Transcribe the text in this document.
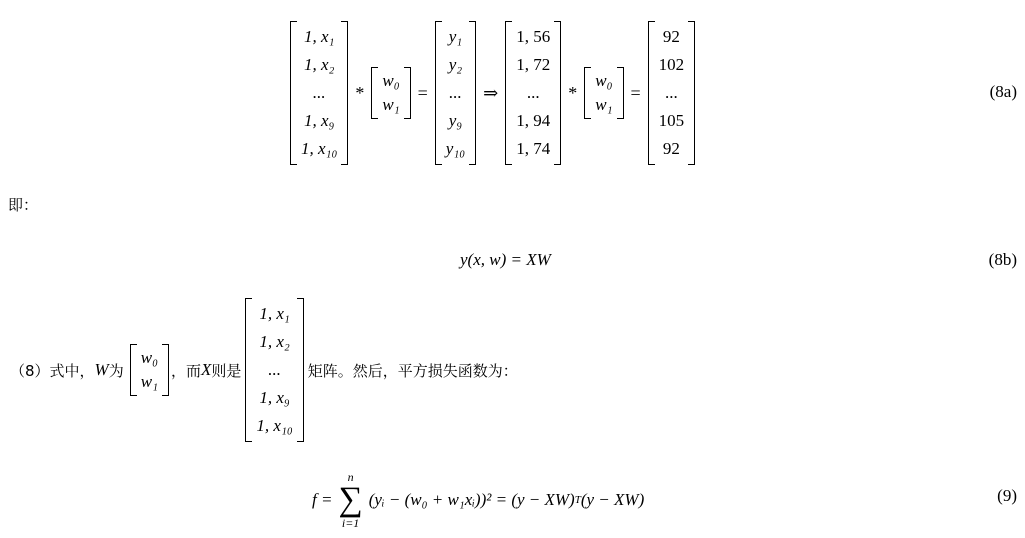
1, x₁
1, x₂
...
1, x₉
1, x₁₀
*
w₀
w₁
=
y₁
y₂
...
y₉
y₁₀
⇒
1, 56
1, 72
...
1, 94
1, 74
*
w₀
w₁
=
92
102
...
105
92
(8a)
即：
y(x, w) = XW	(8b)
（8）式中， W 为
w₀
w₁
，而 X 则是
1, x₁
1, x₂
...
1, x₉
1, x₁₀
矩阵。然后，平方损失函数为：
f =
n
∑
i=1
(yᵢ − (w₀ + w₁xᵢ))² = (y − XW) T (y − XW)	(9)
